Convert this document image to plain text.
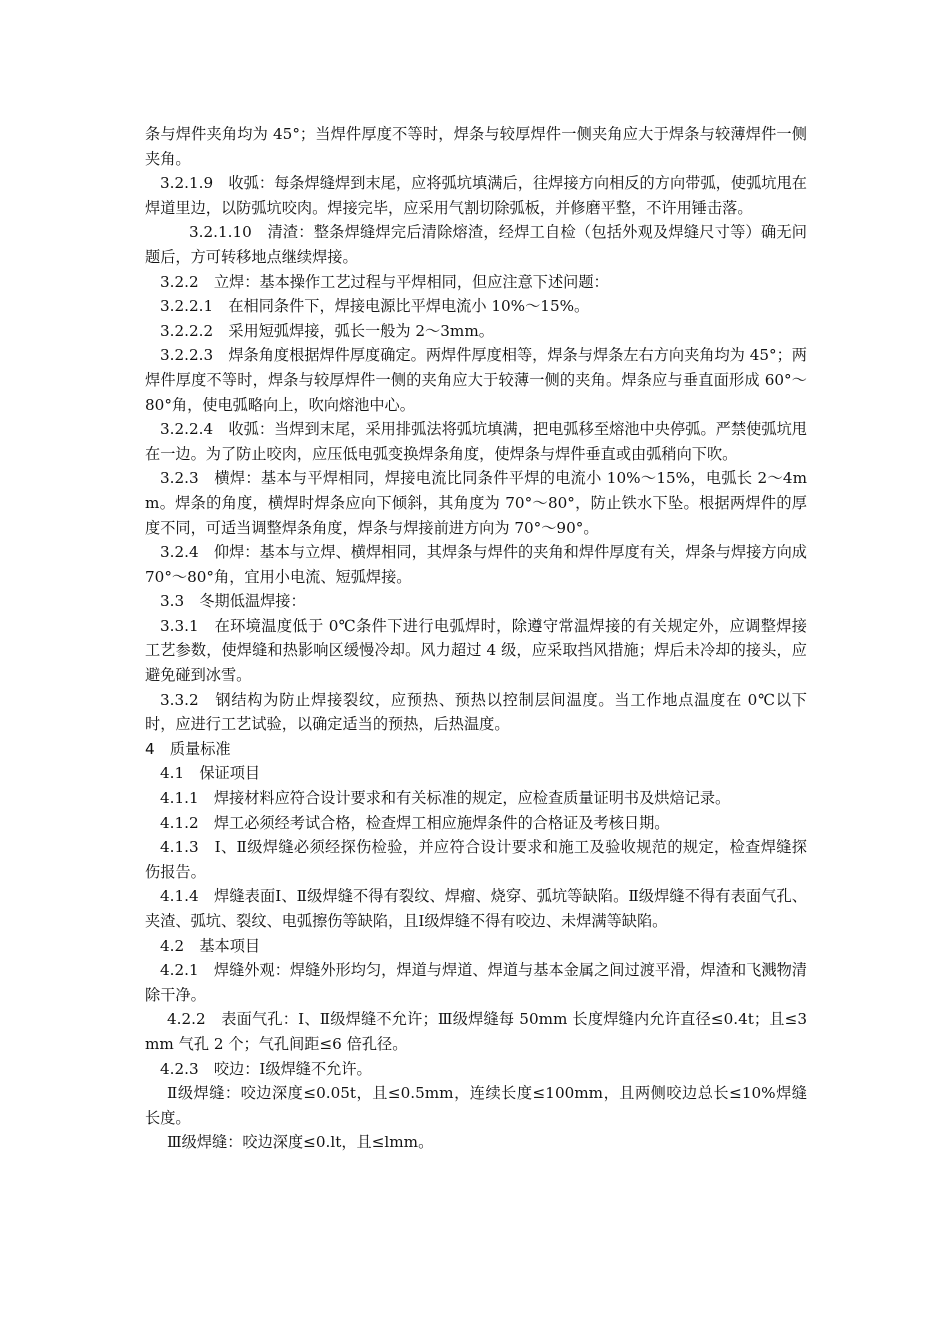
条与焊件夹角均为 45°；当焊件厚度不等时，焊条与较厚焊件一侧夹角应大于焊条与较薄焊件一侧夹角。

3.2.1.9　收弧：每条焊缝焊到末尾，应将弧坑填满后，往焊接方向相反的方向带弧，使弧坑甩在焊道里边，以防弧坑咬肉。焊接完毕，应采用气割切除弧板，并修磨平整，不许用锤击落。

3.2.1.10　清渣：整条焊缝焊完后清除熔渣，经焊工自检（包括外观及焊缝尺寸等）确无问题后，方可转移地点继续焊接。

3.2.2　立焊：基本操作工艺过程与平焊相同，但应注意下述问题：

3.2.2.1　在相同条件下，焊接电源比平焊电流小 10%～15%。

3.2.2.2　采用短弧焊接，弧长一般为 2～3mm。

3.2.2.3　焊条角度根据焊件厚度确定。两焊件厚度相等，焊条与焊条左右方向夹角均为 45°；两焊件厚度不等时，焊条与较厚焊件一侧的夹角应大于较薄一侧的夹角。焊条应与垂直面形成 60°～80°角，使电弧略向上，吹向熔池中心。

3.2.2.4　收弧：当焊到末尾，采用排弧法将弧坑填满，把电弧移至熔池中央停弧。严禁使弧坑甩在一边。为了防止咬肉，应压低电弧变换焊条角度，使焊条与焊件垂直或由弧稍向下吹。

3.2.3　横焊：基本与平焊相同，焊接电流比同条件平焊的电流小 10%～15%，电弧长 2～4mm。焊条的角度，横焊时焊条应向下倾斜，其角度为 70°～80°，防止铁水下坠。根据两焊件的厚度不同，可适当调整焊条角度，焊条与焊接前进方向为 70°～90°。

3.2.4　仰焊：基本与立焊、横焊相同，其焊条与焊件的夹角和焊件厚度有关，焊条与焊接方向成 70°～80°角，宜用小电流、短弧焊接。

3.3　冬期低温焊接：

3.3.1　在环境温度低于 0℃条件下进行电弧焊时，除遵守常温焊接的有关规定外，应调整焊接工艺参数，使焊缝和热影响区缓慢冷却。风力超过 4 级，应采取挡风措施；焊后未冷却的接头，应避免碰到冰雪。

3.3.2　钢结构为防止焊接裂纹，应预热、预热以控制层间温度。当工作地点温度在 0℃以下时，应进行工艺试验，以确定适当的预热，后热温度。

4　质量标准

4.1　保证项目

4.1.1　焊接材料应符合设计要求和有关标准的规定，应检查质量证明书及烘焙记录。

4.1.2　焊工必须经考试合格，检查焊工相应施焊条件的合格证及考核日期。

4.1.3　Ⅰ、Ⅱ级焊缝必须经探伤检验，并应符合设计要求和施工及验收规范的规定，检查焊缝探伤报告。

4.1.4　焊缝表面Ⅰ、Ⅱ级焊缝不得有裂纹、焊瘤、烧穿、弧坑等缺陷。Ⅱ级焊缝不得有表面气孔、夹渣、弧坑、裂纹、电弧擦伤等缺陷，且Ⅰ级焊缝不得有咬边、未焊满等缺陷。

4.2　基本项目

4.2.1　焊缝外观：焊缝外形均匀，焊道与焊道、焊道与基本金属之间过渡平滑，焊渣和飞溅物清除干净。

4.2.2　表面气孔：Ⅰ、Ⅱ级焊缝不允许；Ⅲ级焊缝每 50mm 长度焊缝内允许直径≤0.4t；且≤3mm 气孔 2 个；气孔间距≤6 倍孔径。

4.2.3　咬边：Ⅰ级焊缝不允许。

Ⅱ级焊缝：咬边深度≤0.05t，且≤0.5mm，连续长度≤100mm，且两侧咬边总长≤10%焊缝长度。

Ⅲ级焊缝：咬边深度≤0.lt，且≤lmm。
